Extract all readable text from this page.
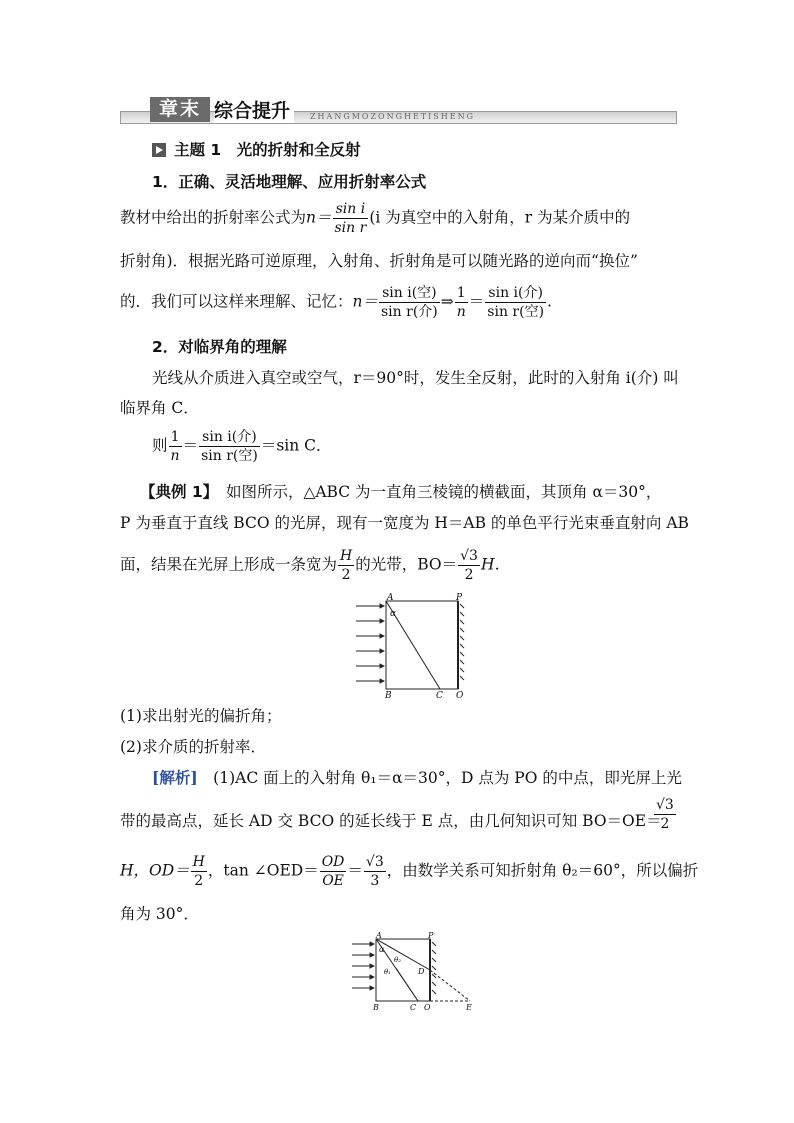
章末 综合提升	ZHANGMOZONGHETISHENG
主题 1　光的折射和全反射
1．正确、灵活地理解、应用折射率公式
教材中给出的折射率公式为$n= \frac{\text{sin i}}{\text{sin r}} (i$ 为真空中的入射角，r 为某介质中的
折射角)．根据光路可逆原理，入射角、折射角是可以随光路的逆向而“换位”
的．我们可以这样来理解、记忆：$n= \frac{\text{sin i(空)}}{\text{sin r(介)}}$ ⇒ $\frac{1}{n} = \frac{\text{sin i(介)}}{\text{sin r(空)}}$ .
2．对临界角的理解
光线从介质进入真空或空气，r＝90°时，发生全反射，此时的入射角 i(介) 叫
临界角 C．
则 $\frac{1}{n} = \frac{\text{sin i(介)}}{\text{sin r(空)}} =\sin$ C．
【典例 1】　如图所示，△ABC 为一直角三棱镜的横截面，其顶角 α＝30°，
P 为垂直于直线 BCO 的光屏，现有一宽度为 H＝AB 的单色平行光束垂直射向 AB
面，结果在光屏上形成一条宽为 $\frac{H}{2}$ 的光带，$BO= \frac{√3}{2}$ H．
A	P
α
B	C O
(1)求出射光的偏折角；
(2)求介质的折射率．
[解析]　(1)AC 面上的入射角 θ₁＝α＝30°，D 点为 PO 的中点，即光屏上光
带的最高点，延长 AD 交 BCO 的延长线于 E 点，由几何知识可知 BO＝OE＝
$\frac{√3}{2}$
H，$OD= \frac{H}{2}$ ，tan ∠OED＝ $\frac{OD}{OE} = \frac{√3}{3}$ ，由数学关系可知折射角 θ₂＝60°，所以偏折
角为 30°．
A	P
α
θ₂
θ₁	D
B	C O	E
